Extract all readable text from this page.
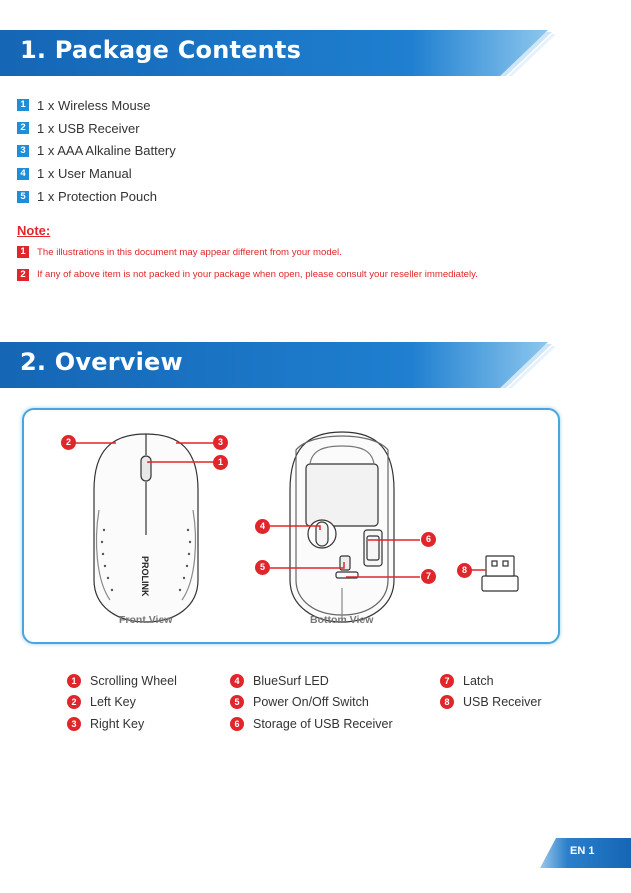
1. Package Contents
1 1 x Wireless Mouse
2 1 x USB Receiver
3 1 x AAA Alkaline Battery
4 1 x User Manual
5 1 x Protection Pouch
Note:
1	The illustrations in this document may appear different from your model.
2	If any of above item is not packed in your package when open, please consult your reseller immediately.
2. Overview
PROLINK
2	3
1
4
6
5
7
8
Front View	Bottom View
1	Scrolling Wheel
2	Left Key
3	Right Key
4	BlueSurf LED
5	Power On/Off Switch
6	Storage of USB Receiver
7	Latch
8	USB Receiver
EN 1
